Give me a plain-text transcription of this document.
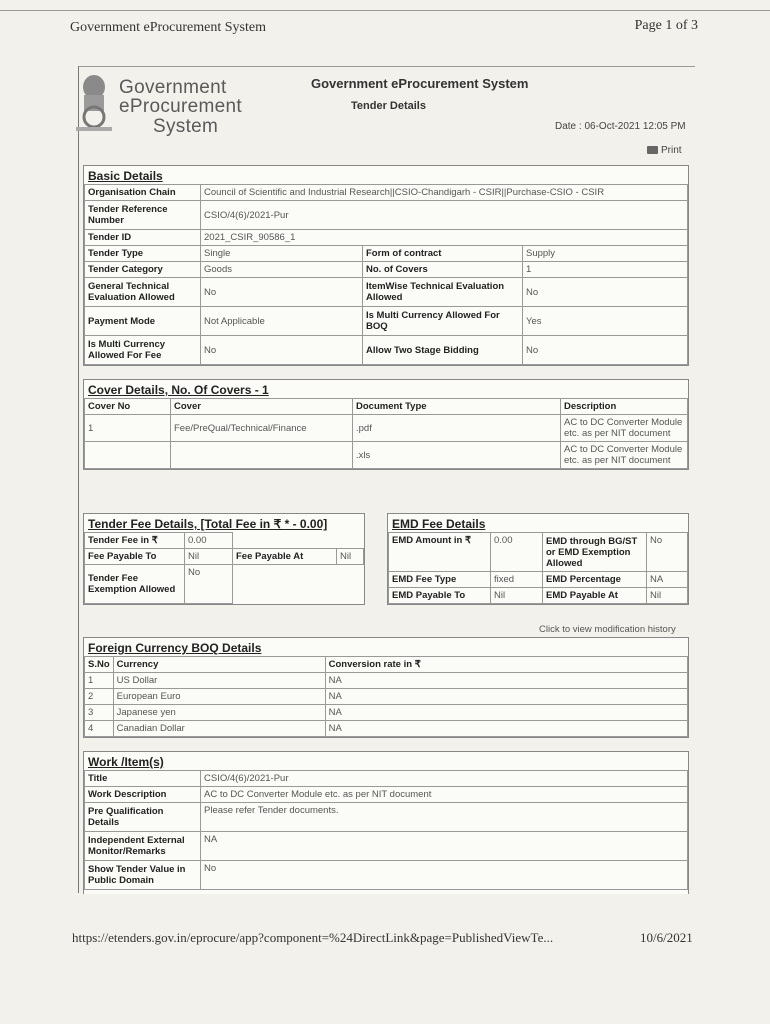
Government eProcurement System	Page 1 of 3
Government
eProcurement
System
Government eProcurement System
Tender Details
Date : 06-Oct-2021 12:05 PM
Print
Basic Details
Organisation Chain	Council of Scientific and Industrial Research||CSIO-Chandigarh - CSIR||Purchase-CSIO - CSIR		
Tender Reference Number	CSIO/4(6)/2021-Pur		
Tender ID	2021_CSIR_90586_1		
Tender Type	Single	Form of contract	Supply
Tender Category	Goods	No. of Covers	1
General Technical Evaluation Allowed	No	ItemWise Technical Evaluation Allowed	No
Payment Mode	Not Applicable	Is Multi Currency Allowed For BOQ	Yes
Is Multi Currency Allowed For Fee	No	Allow Two Stage Bidding	No
Cover Details, No. Of Covers - 1
Cover No	Cover	Document Type	Description
1	Fee/PreQual/Technical/Finance	.pdf	AC to DC Converter Module etc. as per NIT document
		.xls	AC to DC Converter Module etc. as per NIT document
Tender Fee Details, [Total Fee in ₹ * - 0.00]
Tender Fee in ₹	0.00		
Fee Payable To	Nil	Fee Payable At	Nil
Tender Fee Exemption Allowed	No		
EMD Fee Details
EMD Amount in ₹	0.00	EMD through BG/ST or EMD Exemption Allowed	No
EMD Fee Type	fixed	EMD Percentage	NA
EMD Payable To	Nil	EMD Payable At	Nil
Click to view modification history
Foreign Currency BOQ Details
S.No	Currency	Conversion rate in ₹
1	US Dollar	NA
2	European Euro	NA
3	Japanese yen	NA
4	Canadian Dollar	NA
Work /Item(s)
Title	CSIO/4(6)/2021-Pur
Work Description	AC to DC Converter Module etc. as per NIT document
Pre Qualification Details	Please refer Tender documents.
Independent External Monitor/Remarks	NA
Show Tender Value in Public Domain	No
https://etenders.gov.in/eprocure/app?component=%24DirectLink&page=PublishedViewTe...	10/6/2021
